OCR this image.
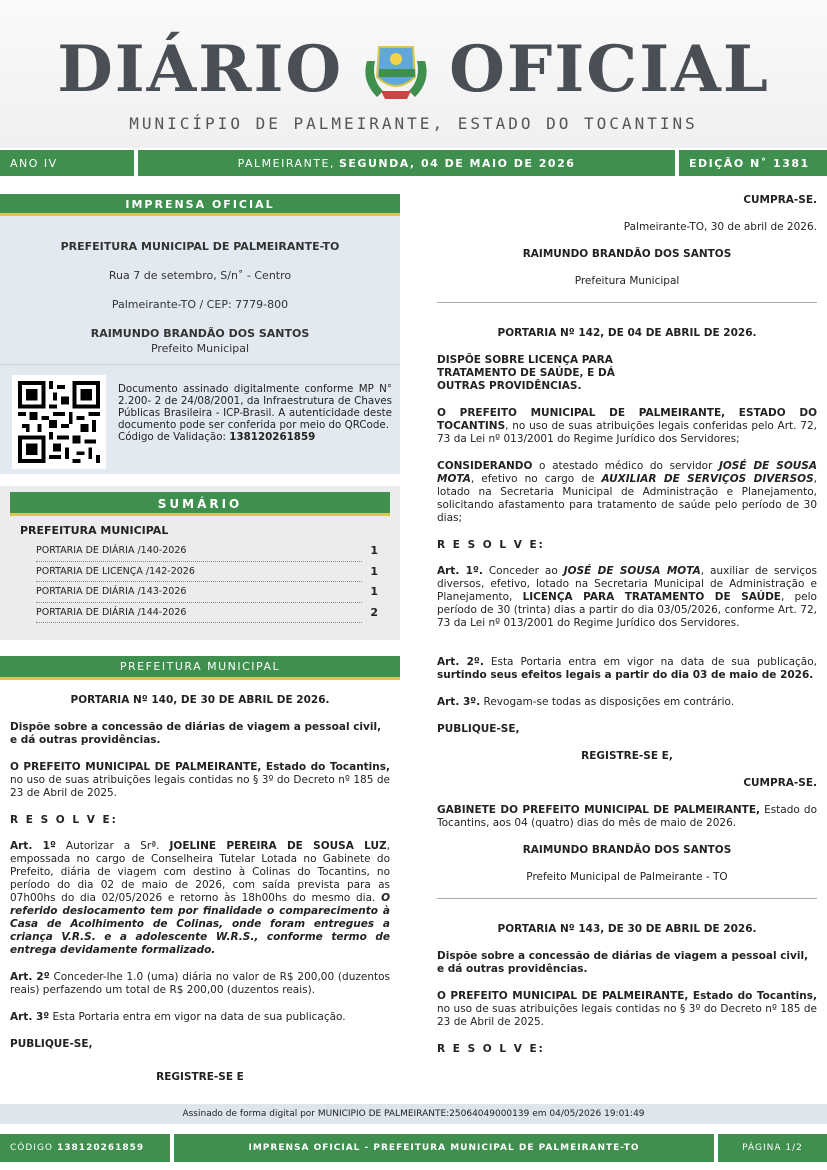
DIÁRIO OFICIAL
MUNICÍPIO DE PALMEIRANTE, ESTADO DO TOCANTINS
ANO IV	PALMEIRANTE, SEGUNDA, 04 DE MAIO DE 2026	EDIÇÃO N˚ 1381
IMPRENSA OFICIAL
PREFEITURA MUNICIPAL DE PALMEIRANTE-TO
Rua 7 de setembro, S/n˚ - Centro
Palmeirante-TO / CEP: 7779-800
RAIMUNDO BRANDÃO DOS SANTOS
Prefeito Municipal
Documento assinado digitalmente conforme MP N° 2.200- 2 de 24/08/2001, da Infraestrutura de Chaves Públicas Brasileira - ICP-Brasil. A autenticidade deste documento pode ser conferida por meio do QRCode.
Código de Validação: 138120261859
SUMÁRIO
PREFEITURA MUNICIPAL
PORTARIA DE DIÁRIA /140-2026	1
PORTARIA DE LICENÇA /142-2026	1
PORTARIA DE DIÁRIA /143-2026	1
PORTARIA DE DIÁRIA /144-2026	2
PREFEITURA MUNICIPAL
PORTARIA Nº 140, DE 30 DE ABRIL DE 2026.
Dispõe sobre a concessão de diárias de viagem a pessoal civil, e dá outras providências.
O PREFEITO MUNICIPAL DE PALMEIRANTE, Estado do Tocantins, no uso de suas atribuições legais contidas no § 3º do Decreto nº 185 de 23 de Abril de 2025.
R E S O L V E:
Art. 1º Autorizar a Srª. JOELINE PEREIRA DE SOUSA LUZ, empossada no cargo de Conselheira Tutelar Lotada no Gabinete do Prefeito, diária de viagem com destino à Colinas do Tocantins, no período do dia 02 de maio de 2026, com saída prevista para as 07h00hs do dia 02/05/2026 e retorno às 18h00hs do mesmo dia. O referido deslocamento tem por finalidade o comparecimento à Casa de Acolhimento de Colinas, onde foram entregues a criança V.R.S. e a adolescente W.R.S., conforme termo de entrega devidamente formalizado.
Art. 2º Conceder-lhe 1.0 (uma) diária no valor de R$ 200,00 (duzentos reais) perfazendo um total de R$ 200,00 (duzentos reais).
Art. 3º Esta Portaria entra em vigor na data de sua publicação.
PUBLIQUE-SE,
REGISTRE-SE E
CUMPRA-SE.
Palmeirante-TO, 30 de abril de 2026.
RAIMUNDO BRANDÃO DOS SANTOS
Prefeitura Municipal
PORTARIA Nº 142, DE 04 DE ABRIL DE 2026.
DISPÕE SOBRE LICENÇA PARA
TRATAMENTO DE SAÚDE, E DÁ
OUTRAS PROVIDÊNCIAS.
O PREFEITO MUNICIPAL DE PALMEIRANTE, ESTADO DO TOCANTINS, no uso de suas atribuições legais conferidas pelo Art. 72, 73 da Lei nº 013/2001 do Regime Jurídico dos Servidores;
CONSIDERANDO o atestado médico do servidor JOSÉ DE SOUSA MOTA, efetivo no cargo de AUXILIAR DE SERVIÇOS DIVERSOS, lotado na Secretaria Municipal de Administração e Planejamento, solicitando afastamento para tratamento de saúde pelo período de 30 dias;
R E S O L V E:
Art. 1º. Conceder ao JOSÉ DE SOUSA MOTA, auxiliar de serviços diversos, efetivo, lotado na Secretaria Municipal de Administração e Planejamento, LICENÇA PARA TRATAMENTO DE SAÚDE, pelo período de 30 (trinta) dias a partir do dia 03/05/2026, conforme Art. 72, 73 da Lei nº 013/2001 do Regime Jurídico dos Servidores.
Art. 2º. Esta Portaria entra em vigor na data de sua publicação, surtindo seus efeitos legais a partir do dia 03 de maio de 2026.
Art. 3º. Revogam-se todas as disposições em contrário.
PUBLIQUE-SE,
REGISTRE-SE E,
CUMPRA-SE.
GABINETE DO PREFEITO MUNICIPAL DE PALMEIRANTE, Estado do Tocantins, aos 04 (quatro) dias do mês de maio de 2026.
RAIMUNDO BRANDÃO DOS SANTOS
Prefeito Municipal de Palmeirante - TO
PORTARIA Nº 143, DE 30 DE ABRIL DE 2026.
Dispõe sobre a concessão de diárias de viagem a pessoal civil, e dá outras providências.
O PREFEITO MUNICIPAL DE PALMEIRANTE, Estado do Tocantins, no uso de suas atribuições legais contidas no § 3º do Decreto nº 185 de 23 de Abril de 2025.
R E S O L V E:
Assinado de forma digital por MUNICIPIO DE PALMEIRANTE:25064049000139 em 04/05/2026 19:01:49
CÓDIGO 138120261859	IMPRENSA OFICIAL - PREFEITURA MUNICIPAL DE PALMEIRANTE-TO	PÁGINA 1/2
